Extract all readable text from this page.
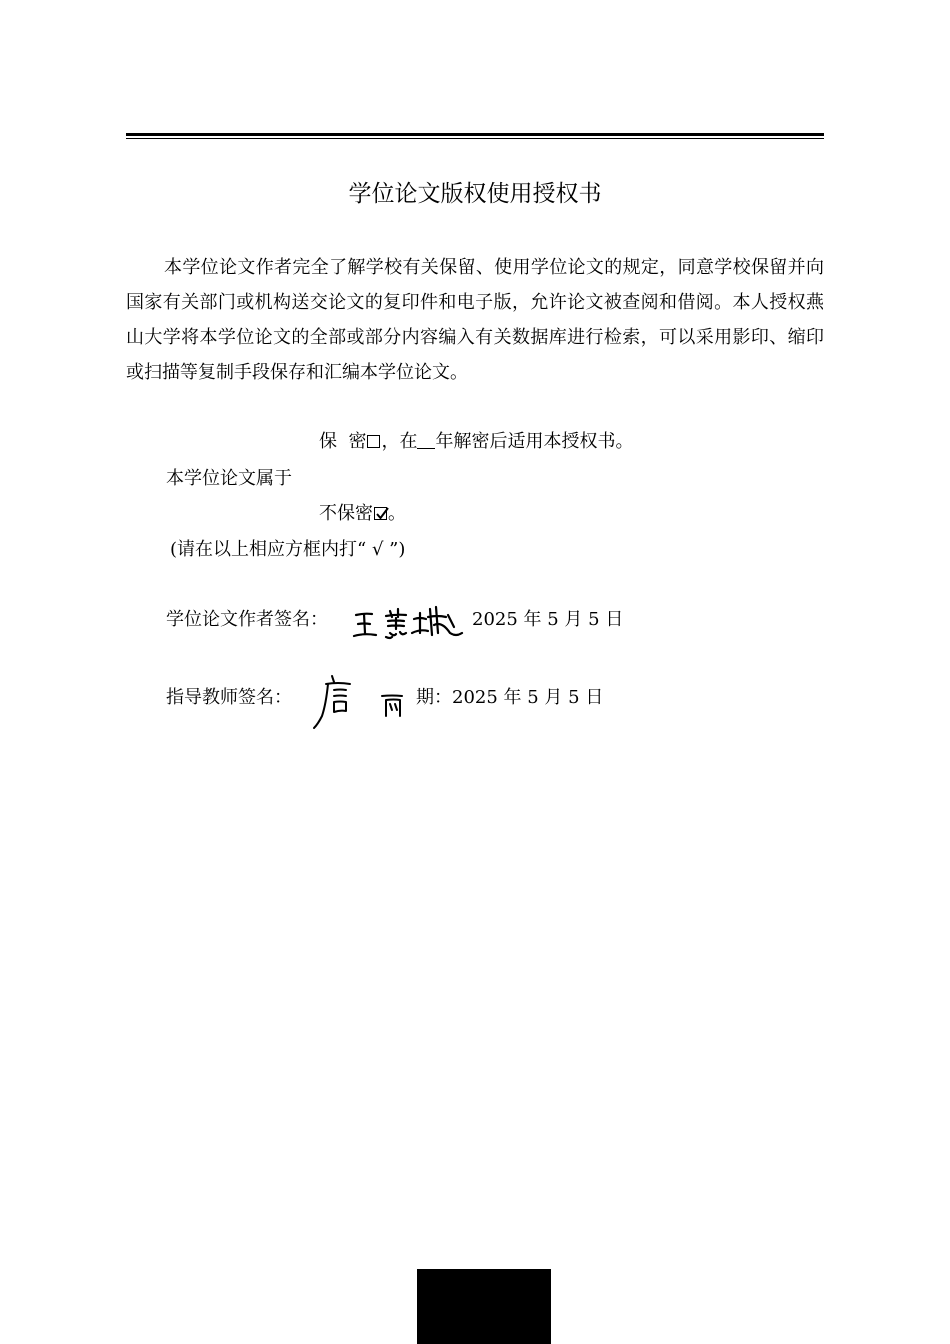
学位论文版权使用授权书

本学位论文作者完全了解学校有关保留、使用学位论文的规定，同意学校保留并向国家有关部门或机构送交论文的复印件和电子版，允许论文被查阅和借阅。本人授权燕山大学将本学位论文的全部或部分内容编入有关数据库进行检索，可以采用影印、缩印或扫描等复制手段保存和汇编本学位论文。

保  密 ，在 年解密后适用本授权书。
本学位论文属于
不保密 。
(请在以上相应方框内打“ √ ”)
学位论文作者签名：	2025 年 5 月 5 日
指导教师签名：	期：2025 年 5 月 5 日
